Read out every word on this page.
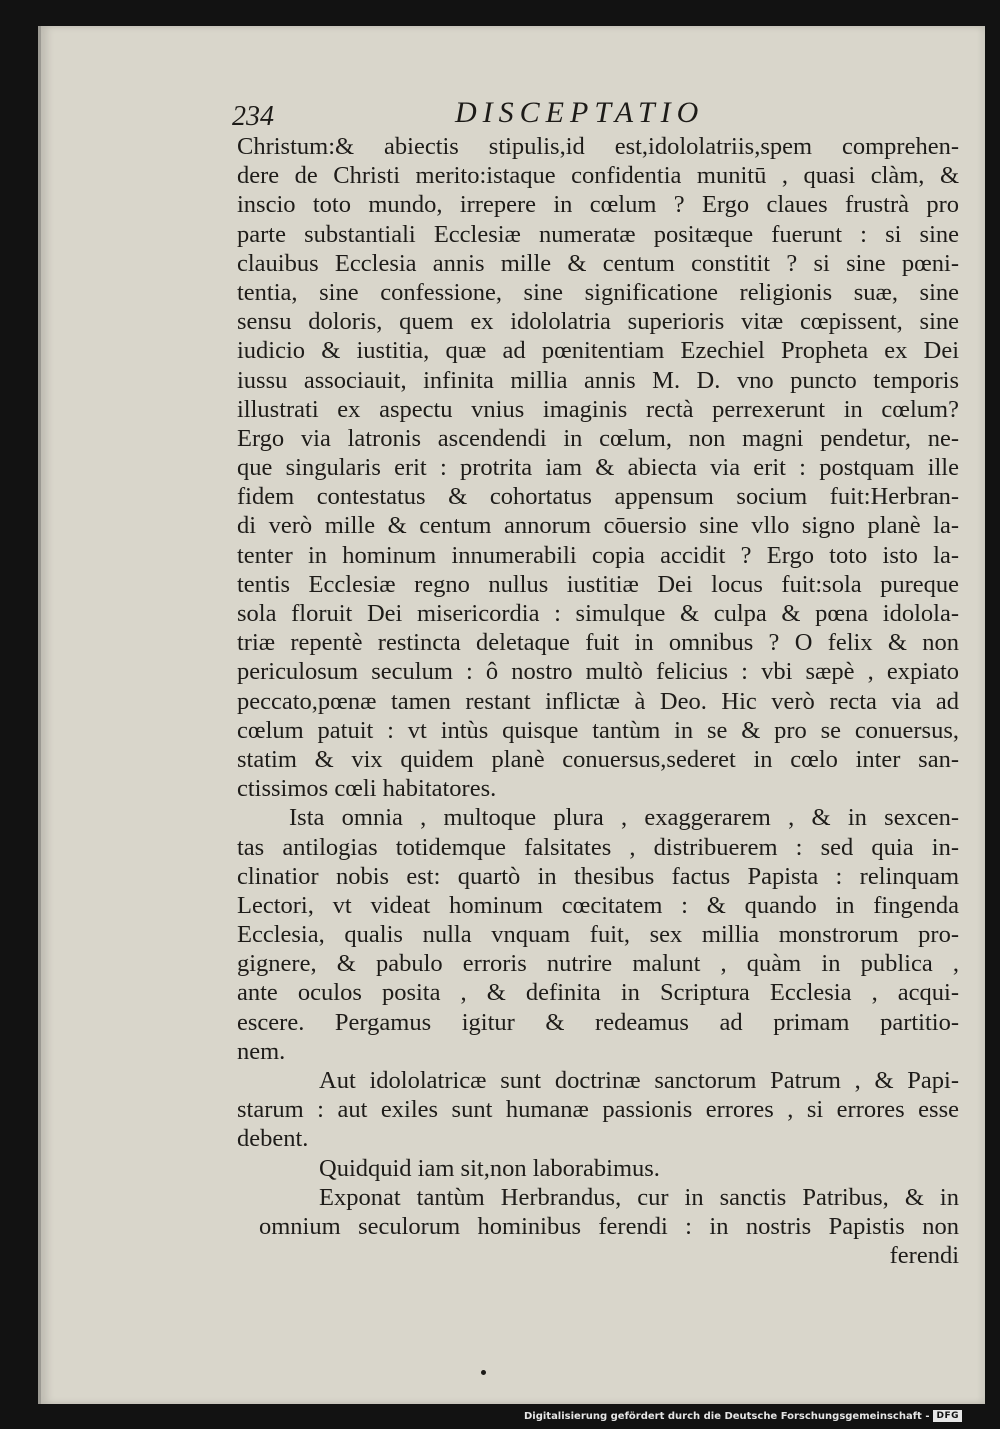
234	DISCEPTATIO
Christum:& abiectis stipulis,id est,idololatriis,spem comprehen-
dere de Christi merito:istaque confidentia munitū , quasi clàm, &
inscio toto mundo, irrepere in cœlum ? Ergo claues frustrà pro
parte substantiali Ecclesiæ numeratæ positæque fuerunt : si sine
clauibus Ecclesia annis mille & centum constitit ? si sine pœni-
tentia, sine confessione, sine significatione religionis suæ, sine
sensu doloris, quem ex idololatria superioris vitæ cœpissent, sine
iudicio & iustitia, quæ ad pœnitentiam Ezechiel Propheta ex Dei
iussu associauit, infinita millia annis M. D. vno puncto temporis
illustrati ex aspectu vnius imaginis rectà perrexerunt in cœlum?
Ergo via latronis ascendendi in cœlum, non magni pendetur, ne-
que singularis erit : protrita iam & abiecta via erit : postquam ille
fidem contestatus & cohortatus appensum socium fuit:Herbran-
di verò mille & centum annorum cōuersio sine vllo signo planè la-
tenter in hominum innumerabili copia accidit ? Ergo toto isto la-
tentis Ecclesiæ regno nullus iustitiæ Dei locus fuit:sola pureque
sola floruit Dei misericordia : simulque & culpa & pœna idolola-
triæ repentè restincta deletaque fuit in omnibus ? O felix & non
periculosum seculum : ô nostro multò felicius : vbi sæpè , expiato
peccato,pœnæ tamen restant inflictæ à Deo. Hic verò recta via ad
cœlum patuit : vt intùs quisque tantùm in se & pro se conuersus,
statim & vix quidem planè conuersus,sederet in cœlo inter san-
ctissimos cœli habitatores.
Ista omnia , multoque plura , exaggerarem , & in sexcen-
tas antilogias totidemque falsitates , distribuerem : sed quia in-
clinatior nobis est: quartò in thesibus factus Papista : relinquam
Lectori, vt videat hominum cœcitatem : & quando in fingenda
Ecclesia, qualis nulla vnquam fuit, sex millia monstrorum pro-
gignere, & pabulo erroris nutrire malunt , quàm in publica ,
ante oculos posita , & definita in Scriptura Ecclesia , acqui-
escere. Pergamus igitur & redeamus ad primam partitio-
nem.
Aut idololatricæ sunt doctrinæ sanctorum Patrum , & Papi-
starum : aut exiles sunt humanæ passionis errores , si errores esse
debent.
Quidquid iam sit,non laborabimus.
Exponat tantùm Herbrandus, cur in sanctis Patribus, & in
omnium seculorum hominibus ferendi : in nostris Papistis non
ferendi
Digitalisierung gefördert durch die Deutsche Forschungsgemeinschaft - DFG
